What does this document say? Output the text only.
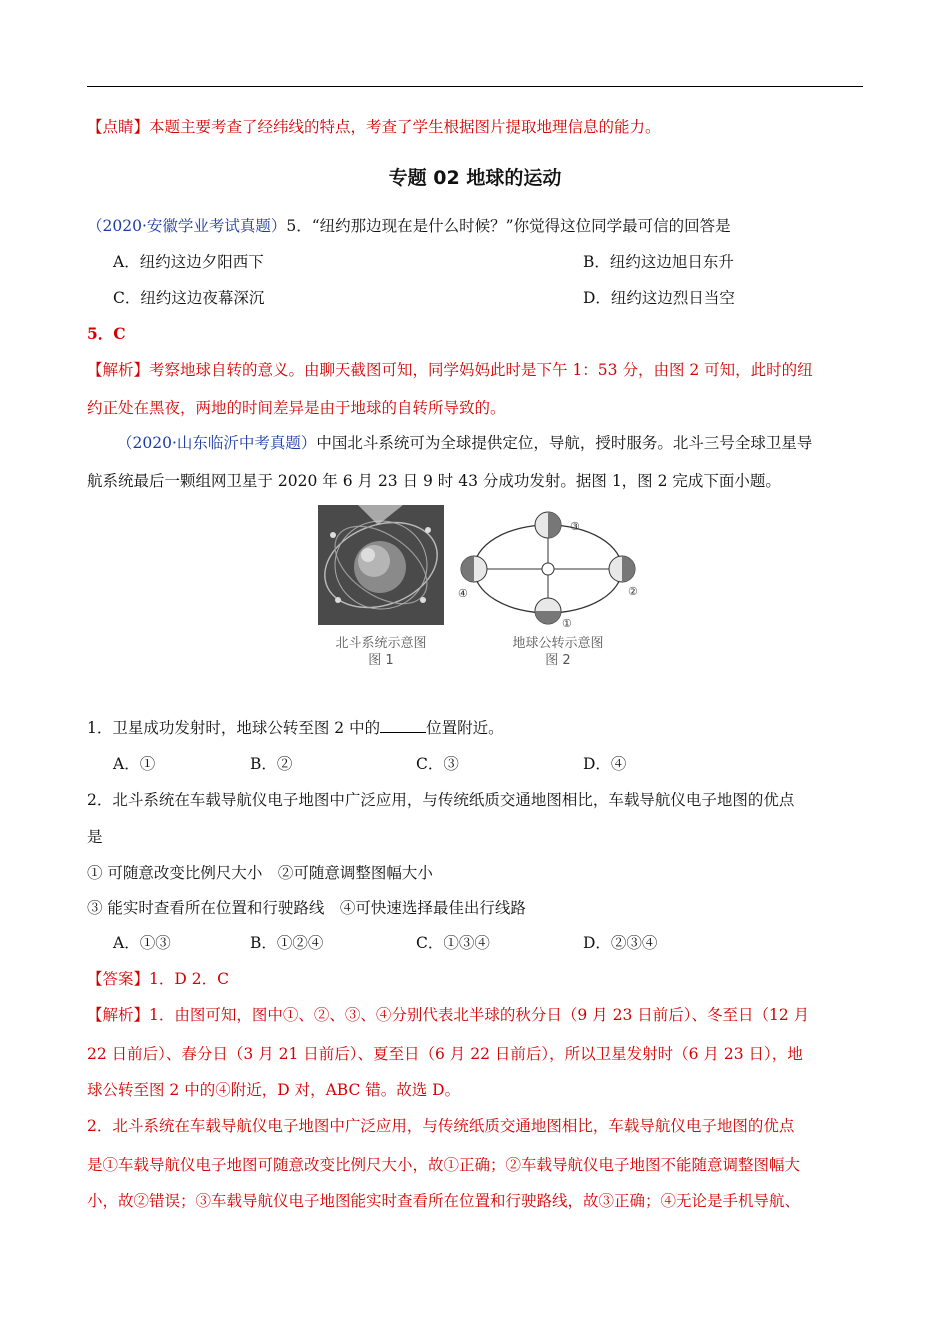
【点睛】本题主要考查了经纬线的特点，考查了学生根据图片提取地理信息的能力。
专题 02 地球的运动
（2020·安徽学业考试真题）5．“纽约那边现在是什么时候？”你觉得这位同学最可信的回答是
A．纽约这边夕阳西下	B．纽约这边旭日东升
C．纽约这边夜幕深沉	D．纽约这边烈日当空
5．C
【解析】考察地球自转的意义。由聊天截图可知，同学妈妈此时是下午 1：53 分，由图 2 可知，此时的纽
约正处在黑夜，两地的时间差异是由于地球的自转所导致的。
（2020·山东临沂中考真题）中国北斗系统可为全球提供定位，导航，授时服务。北斗三号全球卫星导
航系统最后一颗组网卫星于 2020 年 6 月 23 日 9 时 43 分成功发射。据图 1，图 2 完成下面小题。
北斗系统示意图
图 1
③
②
①
④
地球公转示意图
图 2
1．卫星成功发射时，地球公转至图 2 中的	位置附近。
A．①	B．②	C．③	D．④
2．北斗系统在车载导航仪电子地图中广泛应用，与传统纸质交通地图相比，车载导航仪电子地图的优点
是
① 可随意改变比例尺大小　②可随意调整图幅大小
③ 能实时查看所在位置和行驶路线　④可快速选择最佳出行线路
A．①③	B．①②④	C．①③④	D．②③④
【答案】1．D 2．C
【解析】1．由图可知，图中①、②、③、④分别代表北半球的秋分日（9 月 23 日前后）、冬至日（12 月
22 日前后）、春分日（3 月 21 日前后）、夏至日（6 月 22 日前后），所以卫星发射时（6 月 23 日），地
球公转至图 2 中的④附近，D 对，ABC 错。故选 D。
2．北斗系统在车载导航仪电子地图中广泛应用，与传统纸质交通地图相比，车载导航仪电子地图的优点
是①车载导航仪电子地图可随意改变比例尺大小，故①正确；②车载导航仪电子地图不能随意调整图幅大
小，故②错误；③车载导航仪电子地图能实时查看所在位置和行驶路线，故③正确；④无论是手机导航、
